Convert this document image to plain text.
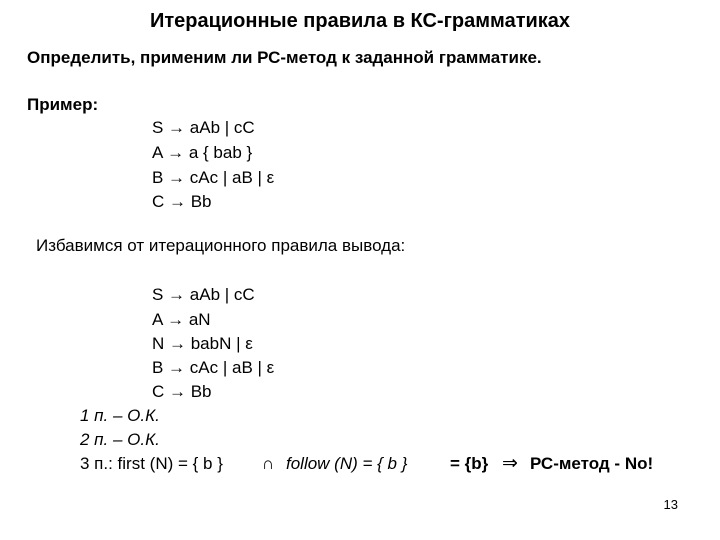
Итерационные правила в КС-грамматиках
Определить, применим ли РС-метод к заданной грамматике.
Пример:
S → aAb | cC
A → a { bab }
B → cAc | aB | ε
C → Bb
Избавимся от итерационного правила вывода:
S → aAb | cC
A → aN
N → babN | ε
B → cAc | aB | ε
C → Bb
1 п. – О.К.
2 п. – О.К.
3 п.: first (N) = { b } ∩ follow (N) = { b }	= {b} ⇒ РС-метод - No!
13
